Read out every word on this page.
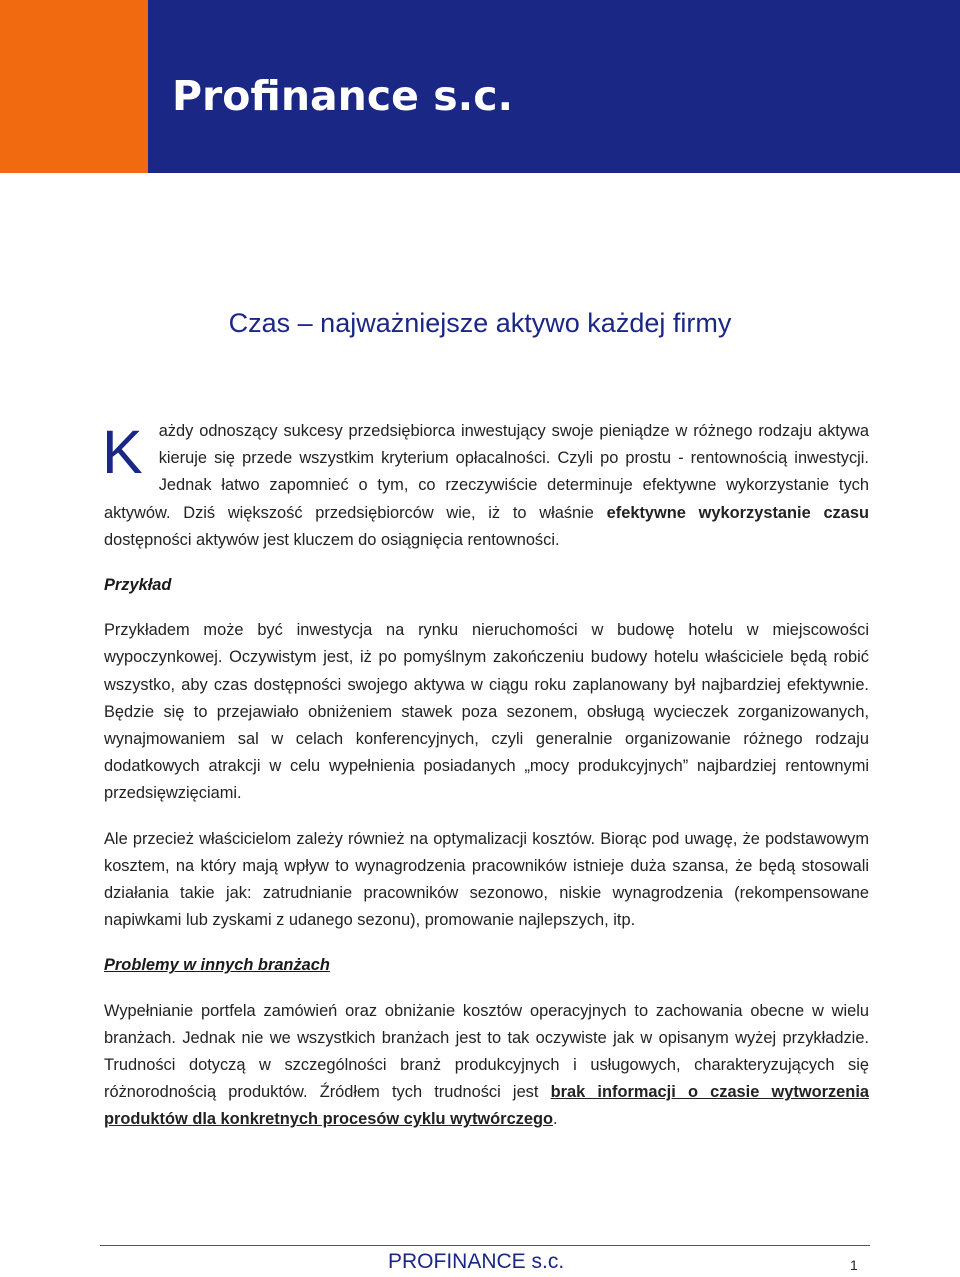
Profinance s.c.
Czas – najważniejsze aktywo każdej firmy
K ażdy odnoszący sukcesy przedsiębiorca inwestujący swoje pieniądze w różnego rodzaju aktywa kieruje się przede wszystkim kryterium opłacalności. Czyli po prostu - rentownością inwestycji. Jednak łatwo zapomnieć o tym, co rzeczywiście determinuje efektywne wykorzystanie tych aktywów. Dziś większość przedsiębiorców wie, iż to właśnie efektywne wykorzystanie czasu dostępności aktywów jest kluczem do osiągnięcia rentowności.

Przykład

Przykładem może być inwestycja na rynku nieruchomości w budowę hotelu w miejscowości wypoczynkowej. Oczywistym jest, iż po pomyślnym zakończeniu budowy hotelu właściciele będą robić wszystko, aby czas dostępności swojego aktywa w ciągu roku zaplanowany był najbardziej efektywnie. Będzie się to przejawiało obniżeniem stawek poza sezonem, obsługą wycieczek zorganizowanych, wynajmowaniem sal w celach konferencyjnych, czyli generalnie organizowanie różnego rodzaju dodatkowych atrakcji w celu wypełnienia posiadanych „mocy produkcyjnych” najbardziej rentownymi przedsięwzięciami.

Ale przecież właścicielom zależy również na optymalizacji kosztów. Biorąc pod uwagę, że podstawowym kosztem, na który mają wpływ to wynagrodzenia pracowników istnieje duża szansa, że będą stosowali działania takie jak: zatrudnianie pracowników sezonowo, niskie wynagrodzenia (rekompensowane napiwkami lub zyskami z udanego sezonu), promowanie najlepszych, itp.

Problemy w innych branżach

Wypełnianie portfela zamówień oraz obniżanie kosztów operacyjnych to zachowania obecne w wielu branżach. Jednak nie we wszystkich branżach jest to tak oczywiste jak w opisanym wyżej przykładzie. Trudności dotyczą w szczególności branż produkcyjnych i usługowych, charakteryzujących się różnorodnością produktów. Źródłem tych trudności jest brak informacji o czasie wytworzenia produktów dla konkretnych procesów cyklu wytwórczego.

PROFINANCE s.c.	1
